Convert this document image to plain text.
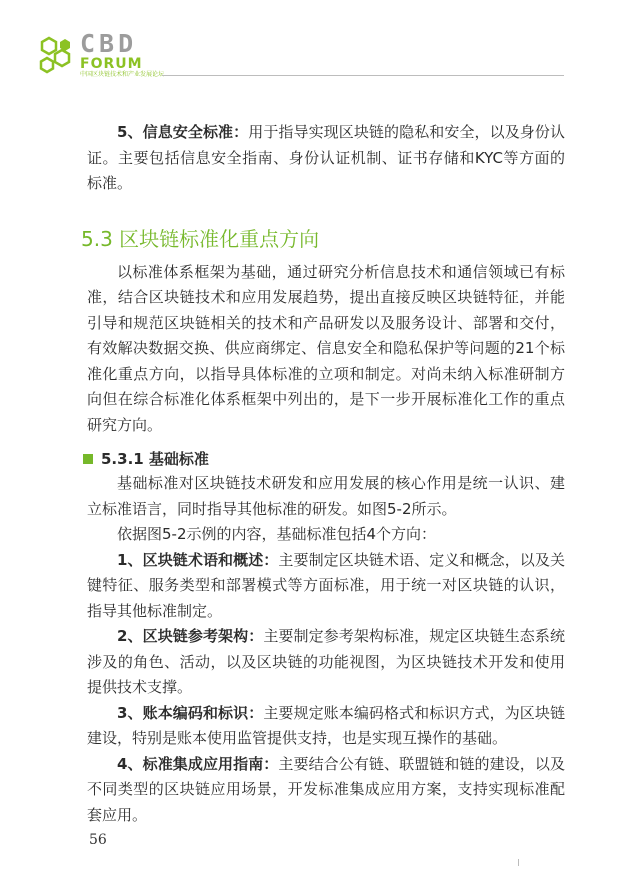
CBD
FORUM
中国区块链技术和产业发展论坛

5、信息安全标准：用于指导实现区块链的隐私和安全，以及身份认证。主要包括信息安全指南、身份认证机制、证书存储和KYC等方面的标准。

5.3 区块链标准化重点方向

以标准体系框架为基础，通过研究分析信息技术和通信领域已有标准，结合区块链技术和应用发展趋势，提出直接反映区块链特征，并能引导和规范区块链相关的技术和产品研发以及服务设计、部署和交付，有效解决数据交换、供应商绑定、信息安全和隐私保护等问题的21个标准化重点方向，以指导具体标准的立项和制定。对尚未纳入标准研制方向但在综合标准化体系框架中列出的，是下一步开展标准化工作的重点研究方向。

5.3.1 基础标准

基础标准对区块链技术研发和应用发展的核心作用是统一认识、建立标准语言，同时指导其他标准的研发。如图5-2所示。

依据图5-2示例的内容，基础标准包括4个方向：

1、区块链术语和概述：主要制定区块链术语、定义和概念，以及关键特征、服务类型和部署模式等方面标准，用于统一对区块链的认识，指导其他标准制定。

2、区块链参考架构：主要制定参考架构标准，规定区块链生态系统涉及的角色、活动，以及区块链的功能视图，为区块链技术开发和使用提供技术支撑。

3、账本编码和标识：主要规定账本编码格式和标识方式，为区块链建设，特别是账本使用监管提供支持，也是实现互操作的基础。

4、标准集成应用指南：主要结合公有链、联盟链和链的建设，以及不同类型的区块链应用场景，开发标准集成应用方案，支持实现标准配套应用。

56
